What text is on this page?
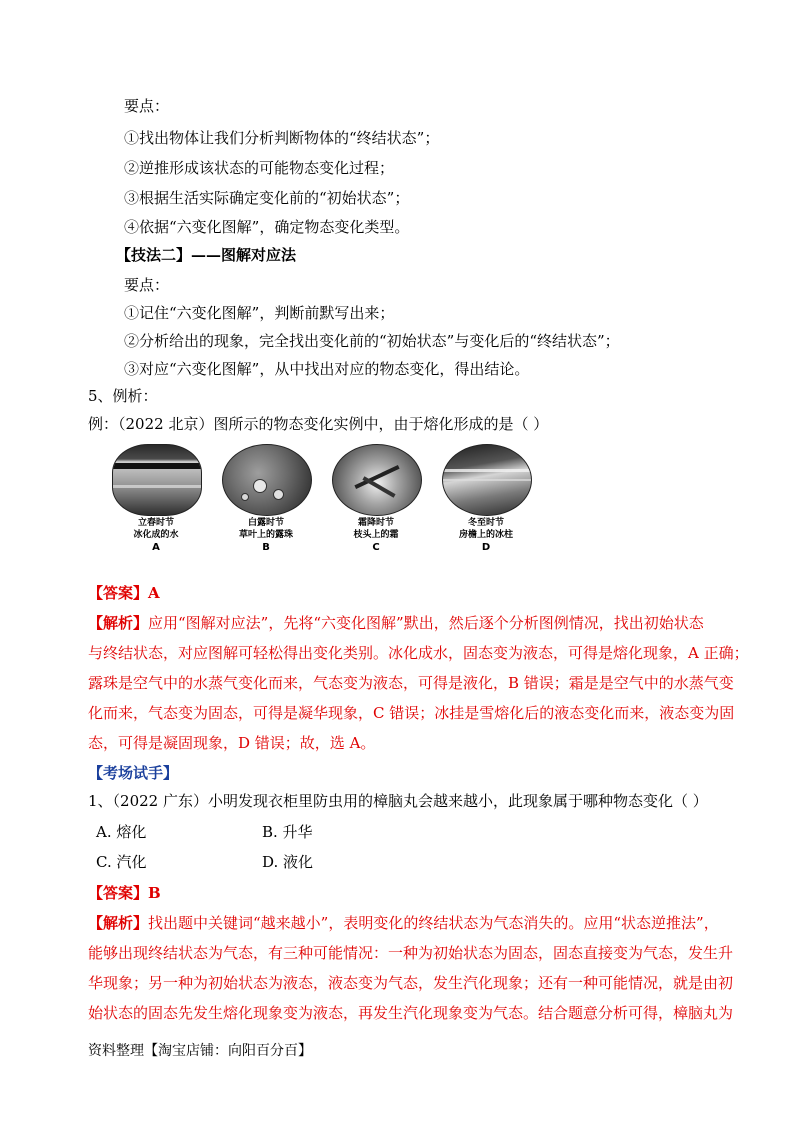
要点：
①找出物体让我们分析判断物体的“终结状态”；
②逆推形成该状态的可能物态变化过程；
③根据生活实际确定变化前的“初始状态”；
④依据“六变化图解”，确定物态变化类型。
【技法二】——图解对应法
要点：
①记住“六变化图解”，判断前默写出来；
②分析给出的现象，完全找出变化前的“初始状态”与变化后的“终结状态”；
③对应“六变化图解”，从中找出对应的物态变化，得出结论。
5、例析：
例：（2022 北京）图所示的物态变化实例中，由于熔化形成的是（ ）
立春时节
冰化成的水
A
白露时节
草叶上的露珠
B
霜降时节
枝头上的霜
C
冬至时节
房檐上的冰柱
D
【答案】A
【解析】应用“图解对应法”，先将“六变化图解”默出，然后逐个分析图例情况，找出初始状态
与终结状态，对应图解可轻松得出变化类别。冰化成水，固态变为液态，可得是熔化现象，A 正确；
露珠是空气中的水蒸气变化而来，气态变为液态，可得是液化，B 错误；霜是是空气中的水蒸气变
化而来，气态变为固态，可得是凝华现象，C 错误；冰挂是雪熔化后的液态变化而来，液态变为固
态，可得是凝固现象，D 错误；故，选 A。
【考场试手】
1、（2022 广东）小明发现衣柜里防虫用的樟脑丸会越来越小，此现象属于哪种物态变化（ ）
A. 熔化	B. 升华
C. 汽化	D. 液化
【答案】B
【解析】找出题中关键词“越来越小”，表明变化的终结状态为气态消失的。应用“状态逆推法”，
能够出现终结状态为气态，有三种可能情况：一种为初始状态为固态，固态直接变为气态，发生升
华现象；另一种为初始状态为液态，液态变为气态，发生汽化现象；还有一种可能情况，就是由初
始状态的固态先发生熔化现象变为液态，再发生汽化现象变为气态。结合题意分析可得，樟脑丸为
资料整理【淘宝店铺：向阳百分百】
